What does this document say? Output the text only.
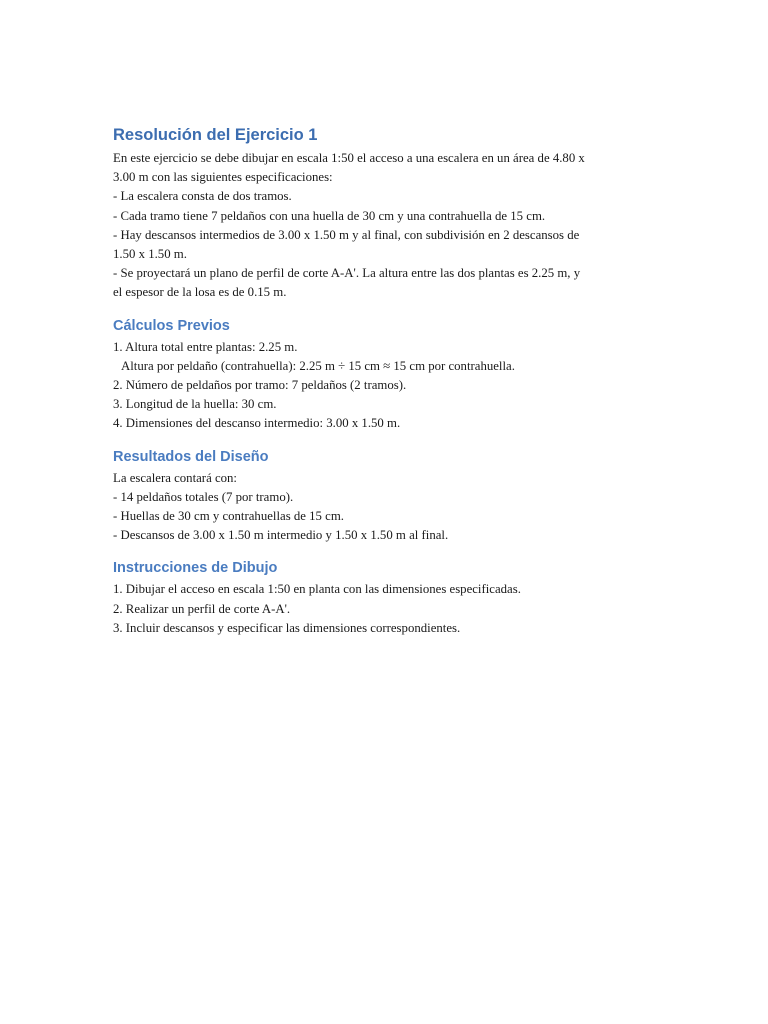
Resolución del Ejercicio 1
En este ejercicio se debe dibujar en escala 1:50 el acceso a una escalera en un área de 4.80 x
3.00 m con las siguientes especificaciones:
- La escalera consta de dos tramos.
- Cada tramo tiene 7 peldaños con una huella de 30 cm y una contrahuella de 15 cm.
- Hay descansos intermedios de 3.00 x 1.50 m y al final, con subdivisión en 2 descansos de
1.50 x 1.50 m.
- Se proyectará un plano de perfil de corte A-A'. La altura entre las dos plantas es 2.25 m, y
el espesor de la losa es de 0.15 m.
Cálculos Previos
1. Altura total entre plantas: 2.25 m.
Altura por peldaño (contrahuella): 2.25 m ÷ 15 cm ≈ 15 cm por contrahuella.
2. Número de peldaños por tramo: 7 peldaños (2 tramos).
3. Longitud de la huella: 30 cm.
4. Dimensiones del descanso intermedio: 3.00 x 1.50 m.
Resultados del Diseño
La escalera contará con:
- 14 peldaños totales (7 por tramo).
- Huellas de 30 cm y contrahuellas de 15 cm.
- Descansos de 3.00 x 1.50 m intermedio y 1.50 x 1.50 m al final.
Instrucciones de Dibujo
1. Dibujar el acceso en escala 1:50 en planta con las dimensiones especificadas.
2. Realizar un perfil de corte A-A'.
3. Incluir descansos y especificar las dimensiones correspondientes.
